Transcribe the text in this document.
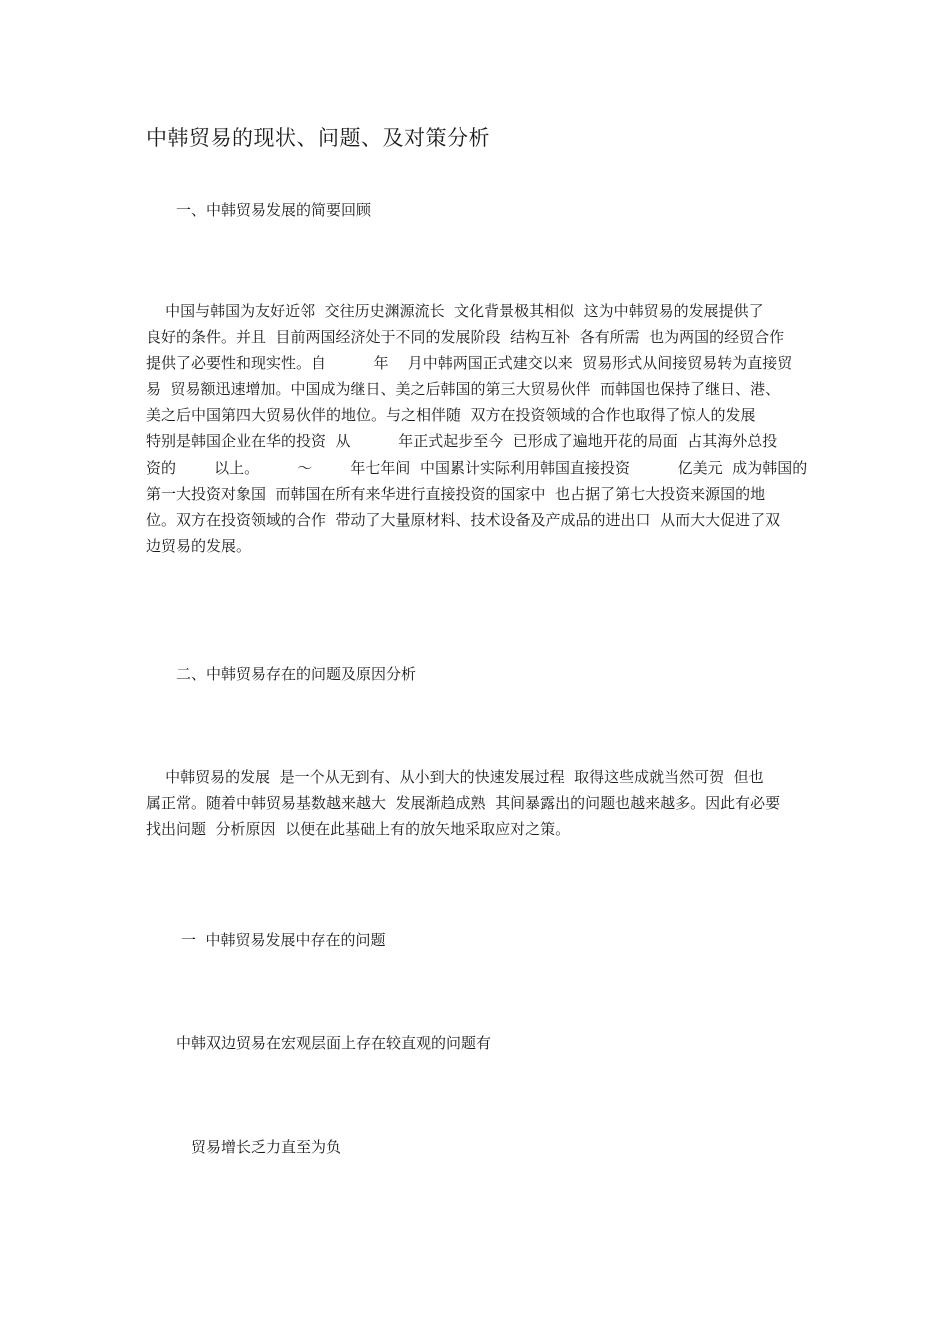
中韩贸易的现状、问题、及对策分析
一、中韩贸易发展的简要回顾
中国与韩国为友好近邻  交往历史渊源流长  文化背景极其相似  这为中韩贸易的发展提供了
良好的条件。并且  目前两国经济处于不同的发展阶段  结构互补  各有所需  也为两国的经贸合作
提供了必要性和现实性。自          年    月中韩两国正式建交以来  贸易形式从间接贸易转为直接贸
易  贸易额迅速增加。中国成为继日、美之后韩国的第三大贸易伙伴  而韩国也保持了继日、港、
美之后中国第四大贸易伙伴的地位。与之相伴随  双方在投资领域的合作也取得了惊人的发展
特别是韩国企业在华的投资  从          年正式起步至今  已形成了遍地开花的局面  占其海外总投
资的        以上。        ～        年七年间  中国累计实际利用韩国直接投资          亿美元  成为韩国的
第一大投资对象国  而韩国在所有来华进行直接投资的国家中  也占据了第七大投资来源国的地
位。双方在投资领域的合作  带动了大量原材料、技术设备及产成品的进出口  从而大大促进了双
边贸易的发展。
二、中韩贸易存在的问题及原因分析
中韩贸易的发展  是一个从无到有、从小到大的快速发展过程  取得这些成就当然可贺  但也
属正常。随着中韩贸易基数越来越大  发展渐趋成熟  其间暴露出的问题也越来越多。因此有必要
找出问题  分析原因  以便在此基础上有的放矢地采取应对之策。
一  中韩贸易发展中存在的问题
中韩双边贸易在宏观层面上存在较直观的问题有
贸易增长乏力直至为负
